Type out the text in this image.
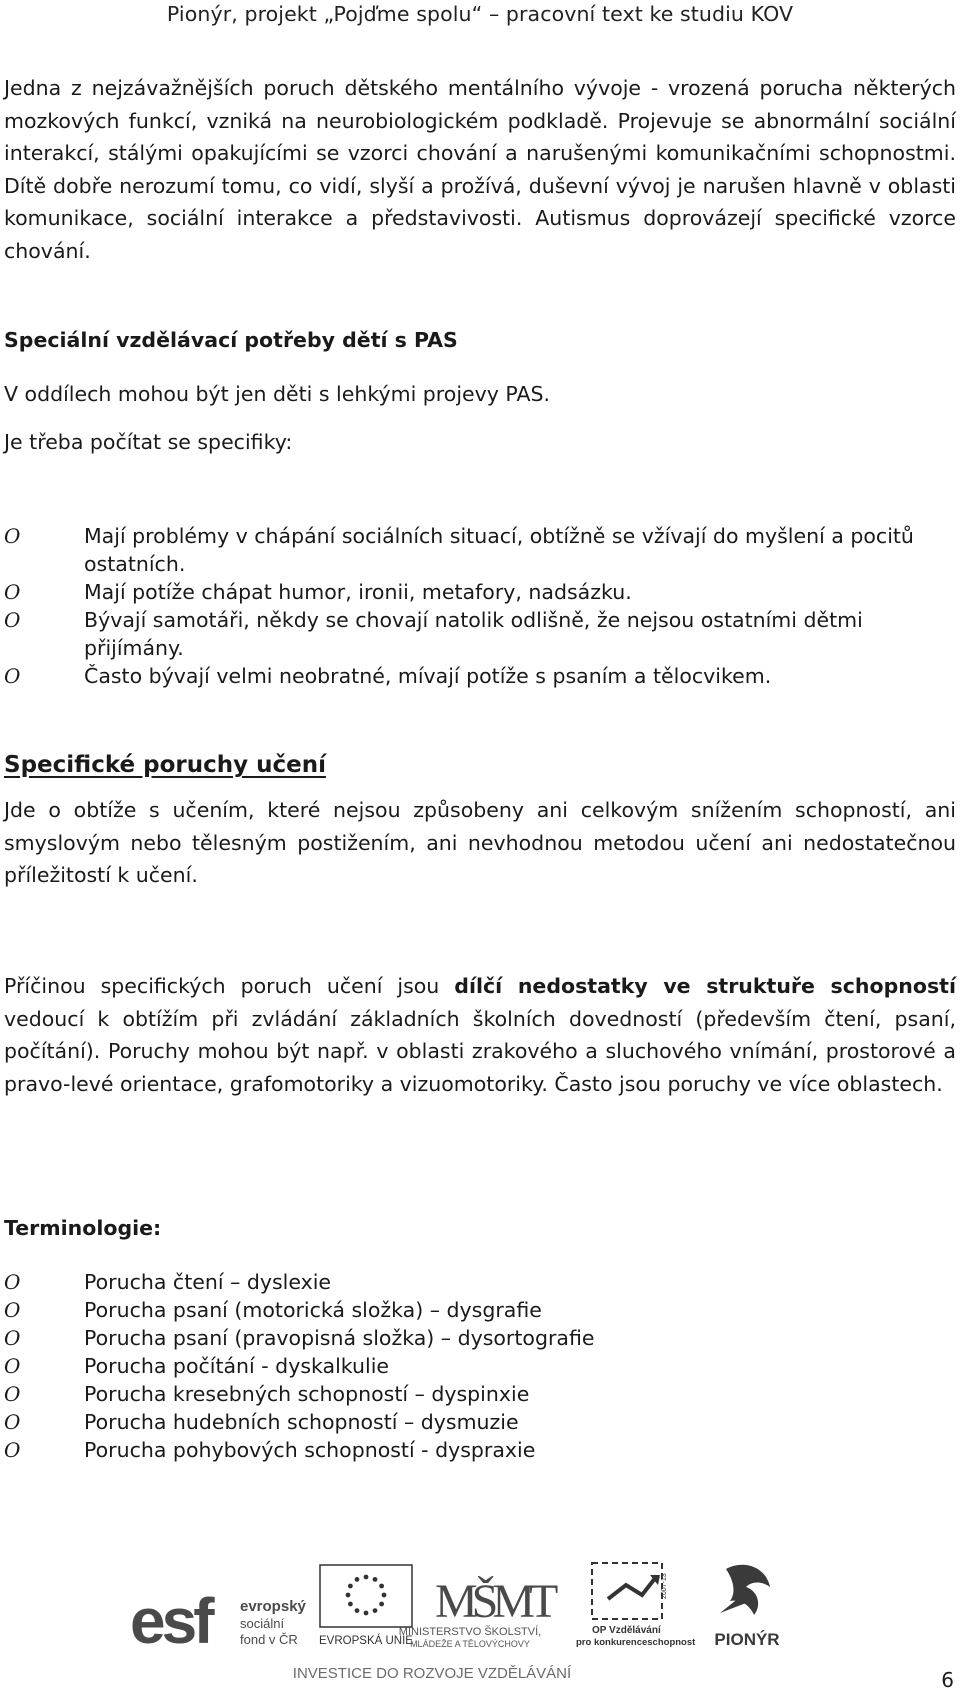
Pionýr, projekt „Pojďme spolu“ – pracovní text ke studiu KOV
Jedna z nejzávažnějších poruch dětského mentálního vývoje - vrozená porucha některých mozkových funkcí, vzniká na neurobiologickém podkladě. Projevuje se abnormální sociální interakcí, stálými opakujícími se vzorci chování a narušenými komunikačními schopnostmi. Dítě dobře nerozumí tomu, co vidí, slyší a prožívá, duševní vývoj je narušen hlavně v oblasti komunikace, sociální interakce a představivosti. Autismus doprovázejí specifické vzorce chování.
Speciální vzdělávací potřeby dětí s PAS
V oddílech mohou být jen děti s lehkými projevy PAS.
Je třeba počítat se specifiky:
O	Mají problémy v chápání sociálních situací, obtížně se vžívají do myšlení a pocitů ostatních.
O	Mají potíže chápat humor, ironii, metafory, nadsázku.
O	Bývají samotáři, někdy se chovají natolik odlišně, že nejsou ostatními dětmi přijímány.
O	Často bývají velmi neobratné, mívají potíže s psaním a tělocvikem.
Specifické poruchy učení
Jde o obtíže s učením, které nejsou způsobeny ani celkovým snížením schopností, ani smyslovým nebo tělesným postižením, ani nevhodnou metodou učení ani nedostatečnou příležitostí k učení.
Příčinou specifických poruch učení jsou dílčí nedostatky ve struktuře schopností vedoucí k obtížím při zvládání základních školních dovedností (především čtení, psaní, počítání). Poruchy mohou být např. v oblasti zrakového a sluchového vnímání, prostorové a pravo-levé orientace, grafomotoriky a vizuomotoriky. Často jsou poruchy ve více oblastech.
Terminologie:
O	Porucha čtení – dyslexie
O	Porucha psaní (motorická složka) – dysgrafie
O	Porucha psaní (pravopisná složka) – dysortografie
O	Porucha počítání - dyskalkulie
O	Porucha kresebných schopností – dyspinxie
O	Porucha hudebních schopností – dysmuzie
O	Porucha pohybových schopností - dyspraxie
esf	evropský
sociální
fond v ČR EVROPSKÁ UNIE
MŠMT
MINISTERSTVO ŠKOLSTVÍ,
MLÁDEŽE A TĚLOVÝCHOVY
2007-13
OP Vzdělávání
pro konkurenceschopnost PIONÝR
INVESTICE DO ROZVOJE VZDĚLÁVÁNÍ	6
